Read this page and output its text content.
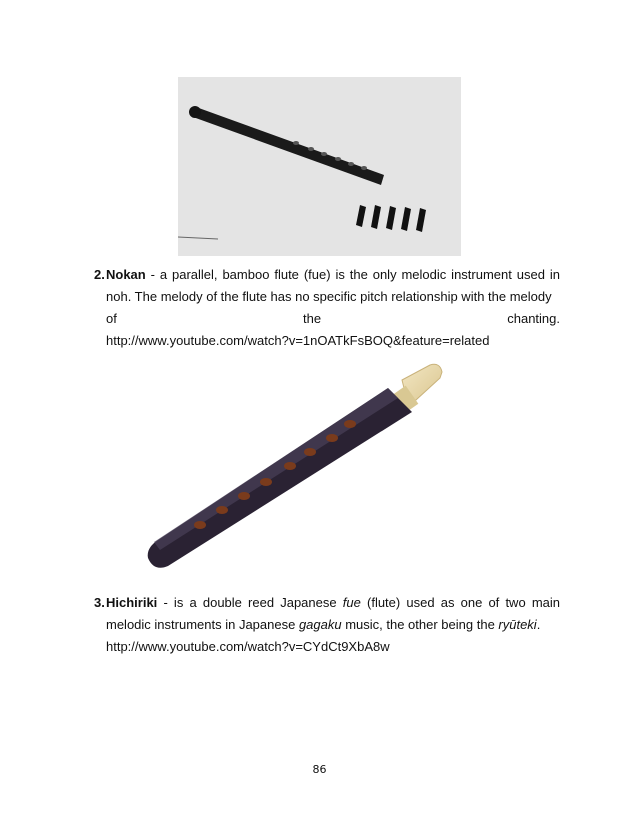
2. Nokan - a parallel, bamboo flute (fue) is the only melodic instrument used in noh. The melody of the flute has no specific pitch relationship with the melody
of	the	chanting.
http://www.youtube.com/watch?v=1nOATkFsBOQ&feature=related
3. Hichiriki - is a double reed Japanese fue (flute) used as one of two main melodic instruments in Japanese gagaku music, the other being the ryūteki.
http://www.youtube.com/watch?v=CYdCt9XbA8w
86
